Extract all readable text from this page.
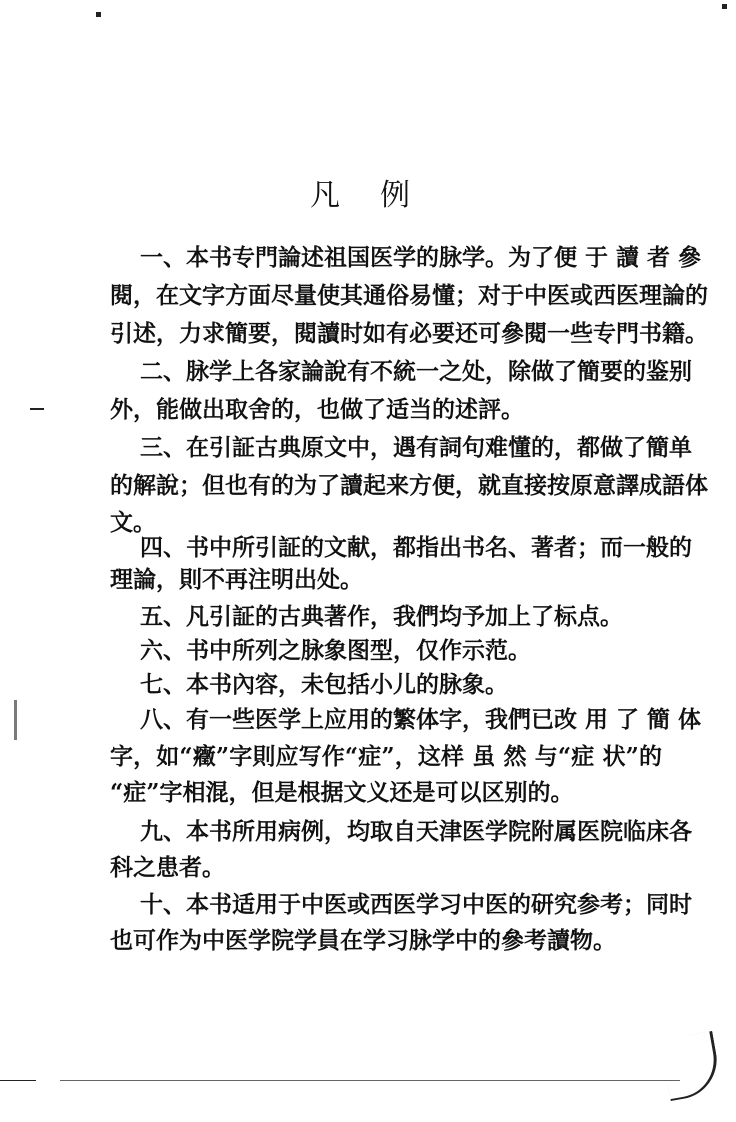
凡例
一、本书专門論述祖国医学的脉学。为了便 于 讀 者 參
閱，在文字方面尽量使其通俗易懂；对于中医或西医理論的
引述，力求簡要，閱讀时如有必要还可參閱一些专門书籍。
二、脉学上各家論說有不統一之处，除做了簡要的鉴别
外，能做出取舍的，也做了适当的述評。
三、在引証古典原文中，遇有詞句难懂的，都做了簡单
的解說；但也有的为了讀起来方便，就直接按原意譯成語体
文。
四、书中所引証的文献，都指出书名、著者；而一般的
理論，則不再注明出处。
五、凡引証的古典著作，我們均予加上了标点。
六、书中所列之脉象图型，仅作示范。
七、本书內容，未包括小儿的脉象。
八、有一些医学上应用的繁体字，我們已改 用 了 簡 体
字，如“癥”字則应写作“症”，这样 虽 然 与“症 状”的
“症”字相混，但是根据文义还是可以区别的。
九、本书所用病例，均取自天津医学院附属医院临床各
科之患者。
十、本书适用于中医或西医学习中医的研究参考；同时
也可作为中医学院学員在学习脉学中的參考讀物。
